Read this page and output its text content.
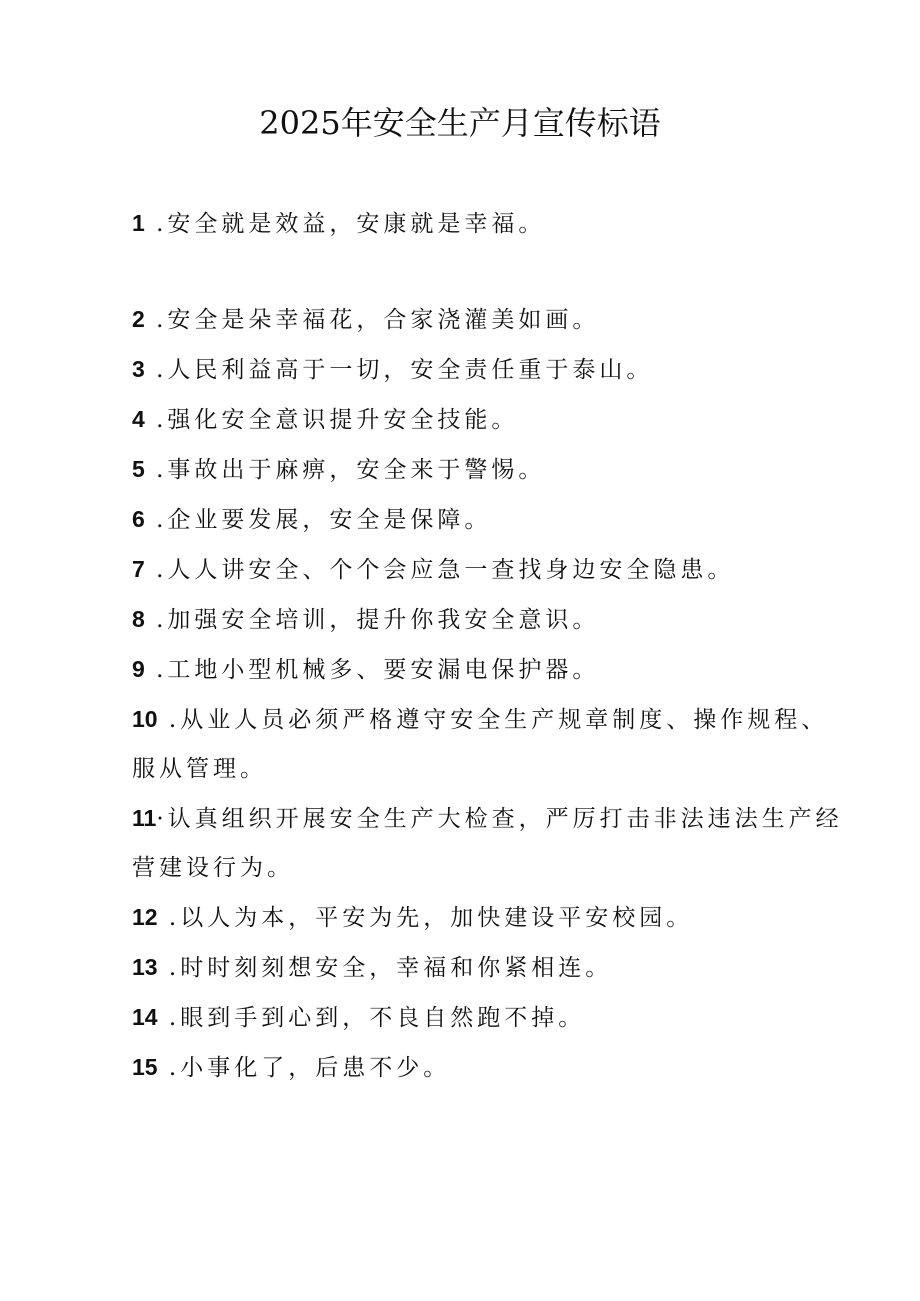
2025年安全生产月宣传标语

1 .安全就是效益，安康就是幸福。

2 .安全是朵幸福花，合家浇灌美如画。

3 .人民利益高于一切，安全责任重于泰山。

4 .强化安全意识提升安全技能。

5 .事故出于麻痹，安全来于警惕。

6 .企业要发展，安全是保障。

7 .人人讲安全、个个会应急一查找身边安全隐患。

8 .加强安全培训，提升你我安全意识。

9 .工地小型机械多、要安漏电保护器。

10 .从业人员必须严格遵守安全生产规章制度、操作规程、
服从管理。

11·认真组织开展安全生产大检查，严厉打击非法违法生产经
营建设行为。

12 .以人为本，平安为先，加快建设平安校园。

13 .时时刻刻想安全，幸福和你紧相连。

14 .眼到手到心到，不良自然跑不掉。

15 .小事化了，后患不少。
